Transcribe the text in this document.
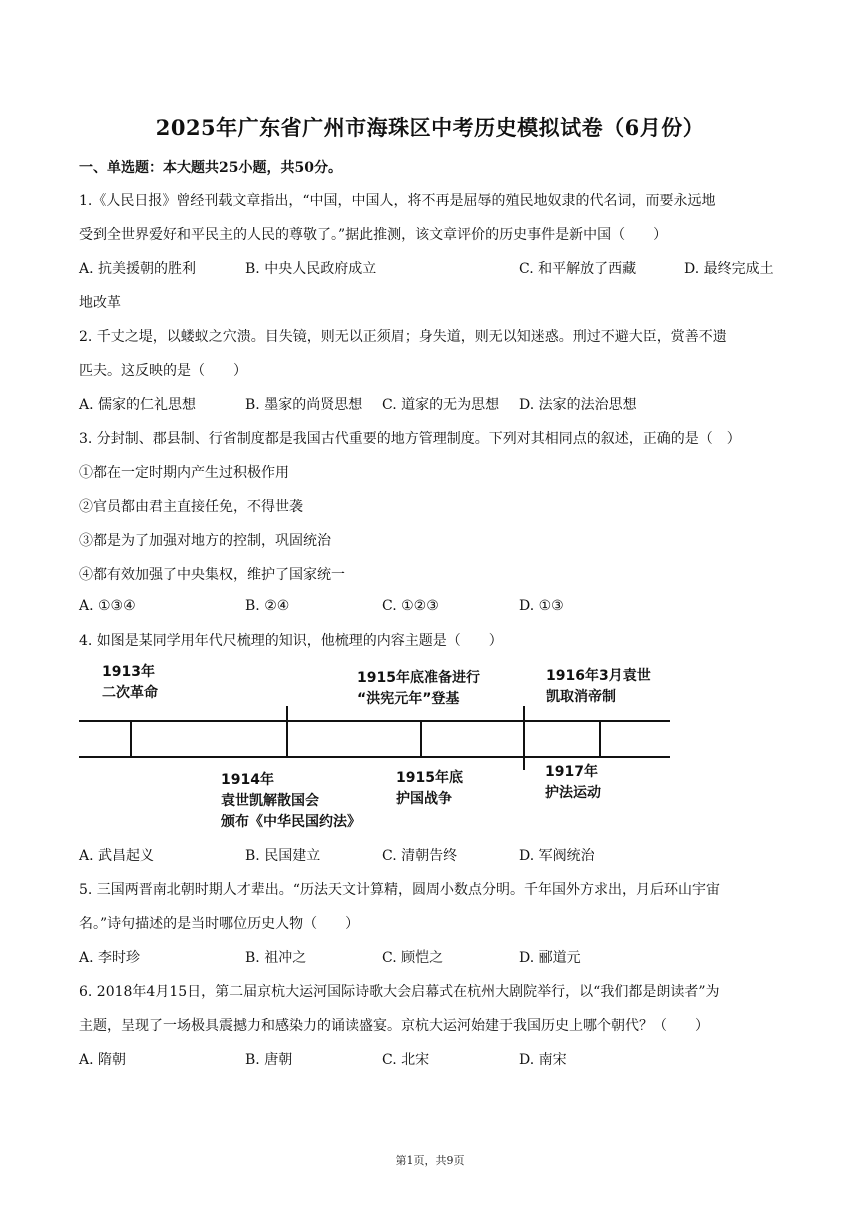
2025年广东省广州市海珠区中考历史模拟试卷（6月份）
一、单选题：本大题共25小题，共50分。
1.《人民日报》曾经刊载文章指出，“中国，中国人，将不再是屈辱的殖民地奴隶的代名词，而要永远地
受到全世界爱好和平民主的人民的尊敬了。”据此推测，该文章评价的历史事件是新中国（　　）
A. 抗美援朝的胜利	B. 中央人民政府成立	C. 和平解放了西藏	D. 最终完成土
地改革
2. 千丈之堤，以蝼蚁之穴溃。目失镜，则无以正须眉；身失道，则无以知迷惑。刑过不避大臣，赏善不遗
匹夫。这反映的是（　　）
A. 儒家的仁礼思想	B. 墨家的尚贤思想 C. 道家的无为思想 D. 法家的法治思想
3. 分封制、郡县制、行省制度都是我国古代重要的地方管理制度。下列对其相同点的叙述，正确的是（　）
①都在一定时期内产生过积极作用
②官员都由君主直接任免，不得世袭
③都是为了加强对地方的控制，巩固统治
④都有效加强了中央集权，维护了国家统一
A. ①③④	B. ②④	C. ①②③	D. ①③
4. 如图是某同学用年代尺梳理的知识，他梳理的内容主题是（　　）
1913年
二次革命
1915年底准备进行
“洪宪元年”登基
1916年3月袁世
凯取消帝制
1914年
袁世凯解散国会
颁布《中华民国约法》
1915年底
护国战争
1917年
护法运动
A. 武昌起义	B. 民国建立	C. 清朝告终	D. 军阀统治
5. 三国两晋南北朝时期人才辈出。“历法天文计算精，圆周小数点分明。千年国外方求出，月后环山宇宙
名。”诗句描述的是当时哪位历史人物（　　）
A. 李时珍	B. 祖冲之	C. 顾恺之	D. 郦道元
6. 2018年4月15日，第二届京杭大运河国际诗歌大会启幕式在杭州大剧院举行，以“我们都是朗读者”为
主题，呈现了一场极具震撼力和感染力的诵读盛宴。京杭大运河始建于我国历史上哪个朝代？（　　）
A. 隋朝	B. 唐朝	C. 北宋	D. 南宋
第1页，共9页
